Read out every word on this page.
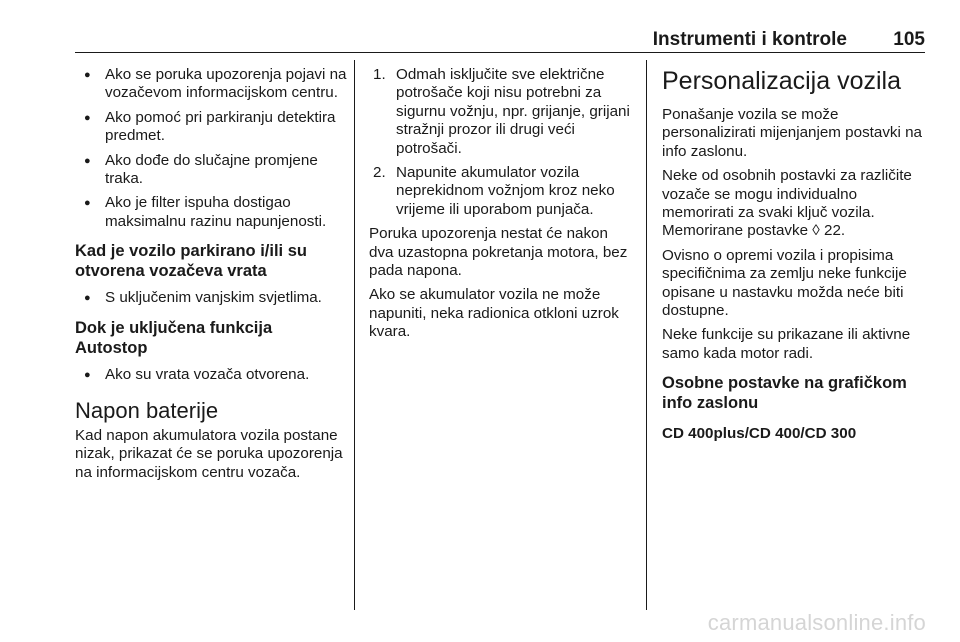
Instrumenti i kontrole 105
● Ako se poruka upozorenja pojavi na vozačevom informacijskom centru.
● Ako pomoć pri parkiranju detektira predmet.
● Ako dođe do slučajne promjene traka.
● Ako je filter ispuha dostigao maksimalnu razinu napunjenosti.
Kad je vozilo parkirano i/ili su otvorena vozačeva vrata
● S uključenim vanjskim svjetlima.
Dok je uključena funkcija Autostop
● Ako su vrata vozača otvorena.
Napon baterije

Kad napon akumulatora vozila postane nizak, prikazat će se poruka upozorenja na informacijskom centru vozača.

1. Odmah isključite sve električne potrošače koji nisu potrebni za sigurnu vožnju, npr. grijanje, grijani stražnji prozor ili drugi veći potrošači.
2. Napunite akumulator vozila neprekidnom vožnjom kroz neko vrijeme ili uporabom punjača.

Poruka upozorenja nestat će nakon dva uzastopna pokretanja motora, bez pada napona.

Ako se akumulator vozila ne može napuniti, neka radionica otkloni uzrok kvara.

Personalizacija vozila

Ponašanje vozila se može personalizirati mijenjanjem postavki na info zaslonu.

Neke od osobnih postavki za različite vozače se mogu individualno memorirati za svaki ključ vozila. Memorirane postavke ◊ 22.

Ovisno o opremi vozila i propisima specifičnima za zemlju neke funkcije opisane u nastavku možda neće biti dostupne.

Neke funkcije su prikazane ili aktivne samo kada motor radi.

Osobne postavke na grafičkom info zaslonu
CD 400plus/CD 400/CD 300
carmanualsonline.info
